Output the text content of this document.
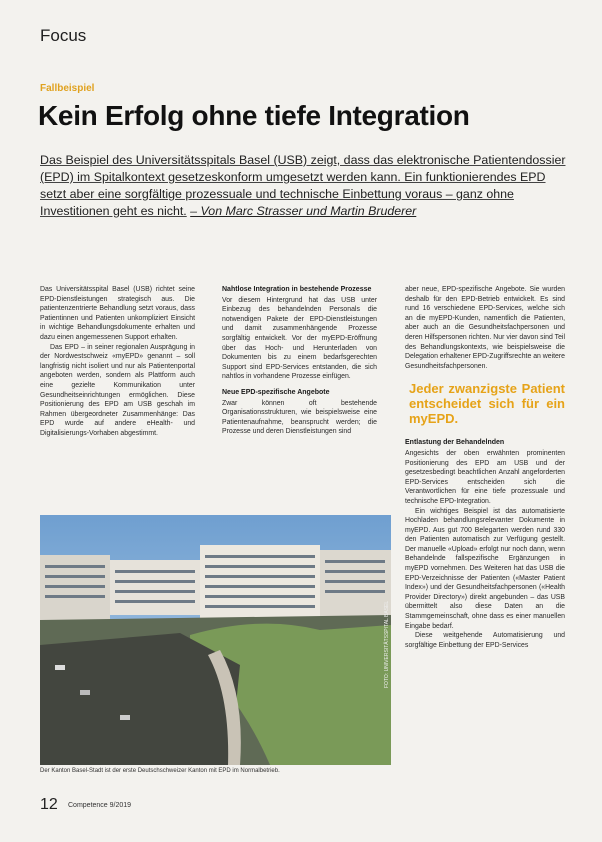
Focus
Fallbeispiel
Kein Erfolg ohne tiefe Integration
Das Beispiel des Universitätsspitals Basel (USB) zeigt, dass das elektronische Patientendossier (EPD) im Spitalkontext gesetzeskonform umgesetzt werden kann. Ein funktionierendes EPD setzt aber eine sorgfältige prozessuale und technische Einbettung voraus – ganz ohne Investitionen geht es nicht. – Von Marc Strasser und Martin Bruderer

Das Universitätsspital Basel (USB) richtet seine EPD-Dienstleistungen strategisch aus. Die patientenzentrierte Behandlung setzt voraus, dass Patientinnen und Patienten unkompliziert Einsicht in wichtige Behandlungsdokumente erhalten und dazu einen angemessenen Support erhalten.

Das EPD – in seiner regionalen Ausprägung in der Nordwestschweiz «myEPD» genannt – soll langfristig nicht isoliert und nur als Patientenportal angeboten werden, sondern als Plattform auch eine gezielte Kommunikation unter Gesundheitseinrichtungen ermöglichen. Diese Positionierung des EPD am USB geschah im Rahmen übergeordneter Zusammenhänge: Das EPD wurde auf andere eHealth- und Digitalisierungs-Vorhaben abgestimmt.

Nahtlose Integration in bestehende Prozesse

Vor diesem Hintergrund hat das USB unter Einbezug des behandelnden Personals die notwendigen Pakete der EPD-Dienstleistungen und damit zusammenhängende Prozesse sorgfältig entwickelt. Vor der myEPD-Eröffnung über das Hoch- und Herunterladen von Dokumenten bis zu einem bedarfsgerechten Support sind EPD-Services entstanden, die sich nahtlos in vorhandene Prozesse einfügen.

Neue EPD-spezifische Angebote

Zwar können oft bestehende Organisationsstrukturen, wie beispielsweise eine Patientenaufnahme, beansprucht werden; die Prozesse und deren Dienstleistungen sind

aber neue, EPD-spezifische Angebote. Sie wurden deshalb für den EPD-Betrieb entwickelt. Es sind rund 16 verschiedene EPD-Services, welche sich an die myEPD-Kunden, namentlich die Patienten, aber auch an die Gesundheitsfachpersonen und deren Hilfspersonen richten. Nur vier davon sind Teil des Behandlungskontexts, wie beispielsweise die Delegation erhaltener EPD-Zugriffsrechte an weitere Gesundheitsfachpersonen.

Jeder zwanzigste Patient entscheidet sich für ein myEPD.
Entlastung der Behandelnden

Angesichts der oben erwähnten prominenten Positionierung des EPD am USB und der gesetzesbedingt beachtlichen Anzahl angeforderten EPD-Services entscheiden sich die Verantwortlichen für eine tiefe prozessuale und technische EPD-Integration.

Ein wichtiges Beispiel ist das automatisierte Hochladen behandlungsrelevanter Dokumente in myEPD. Aus gut 700 Belegarten werden rund 330 den Patienten automatisch zur Verfügung gestellt. Der manuelle «Upload» erfolgt nur noch dann, wenn Behandelnde fallspezifische Ergänzungen in myEPD vornehmen. Des Weiteren hat das USB die EPD-Verzeichnisse der Patienten («Master Patient Index») und der Gesundheitsfachpersonen («Health Provider Directory») direkt angebunden – das USB übermittelt also diese Daten an die Stammgemeinschaft, ohne dass es einer manuellen Eingabe bedarf.

Diese weitgehende Automatisierung und sorgfältige Einbettung der EPD-Services

FOTO: UNIVERSITÄTSSPITAL BASEL
Der Kanton Basel-Stadt ist der erste Deutschschweizer Kanton mit EPD im Normalbetrieb.
12 Competence 9/2019
